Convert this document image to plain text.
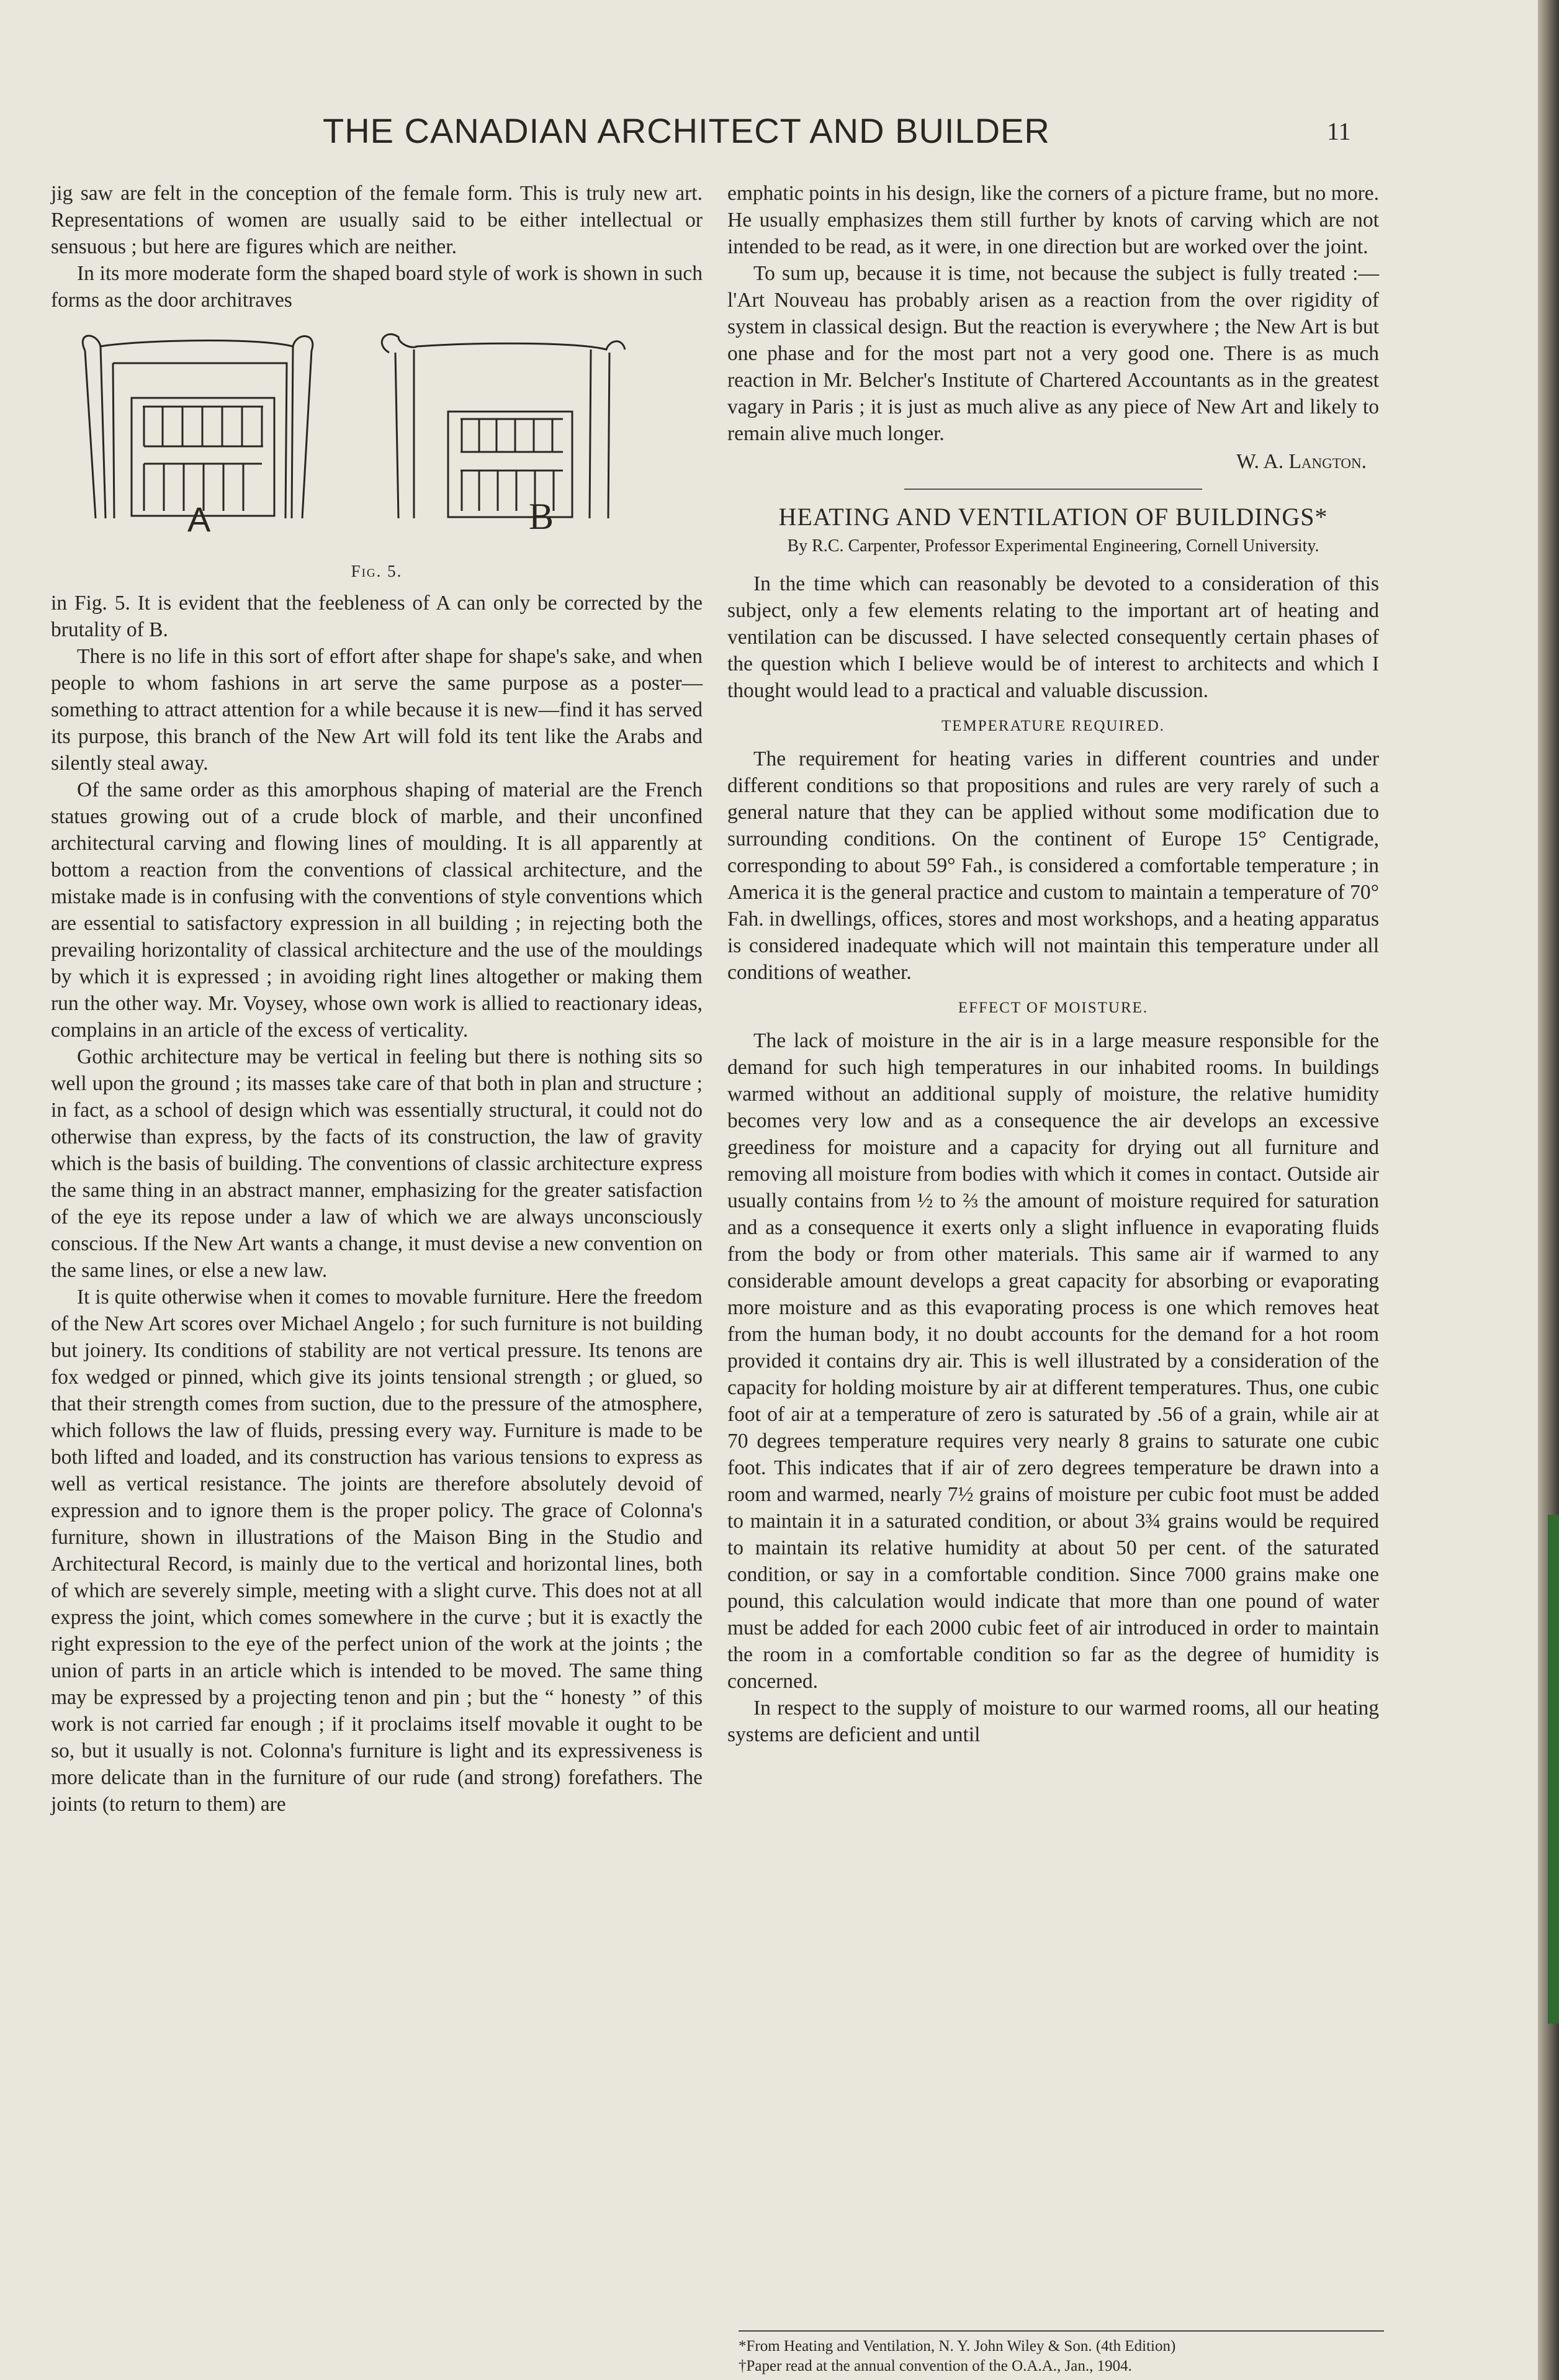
THE CANADIAN ARCHITECT AND BUILDER	11

jig saw are felt in the conception of the female form. This is truly new art. Representations of women are usually said to be either intellectual or sensuous ; but here are figures which are neither.

In its more moderate form the shaped board style of work is shown in such forms as the door architraves

A	B
Fig. 5.

in Fig. 5. It is evident that the feebleness of A can only be corrected by the brutality of B.

There is no life in this sort of effort after shape for shape's sake, and when people to whom fashions in art serve the same purpose as a poster—something to attract attention for a while because it is new—find it has served its purpose, this branch of the New Art will fold its tent like the Arabs and silently steal away.

Of the same order as this amorphous shaping of material are the French statues growing out of a crude block of marble, and their unconfined architectural carving and flowing lines of moulding. It is all apparently at bottom a reaction from the conventions of classical architecture, and the mistake made is in confusing with the conventions of style conventions which are essential to satisfactory expression in all building ; in rejecting both the prevailing horizontality of classical architecture and the use of the mouldings by which it is expressed ; in avoiding right lines altogether or making them run the other way. Mr. Voysey, whose own work is allied to reactionary ideas, complains in an article of the excess of verticality.

Gothic architecture may be vertical in feeling but there is nothing sits so well upon the ground ; its masses take care of that both in plan and structure ; in fact, as a school of design which was essentially structural, it could not do otherwise than express, by the facts of its construction, the law of gravity which is the basis of building. The conventions of classic architecture express the same thing in an abstract manner, emphasizing for the greater satisfaction of the eye its repose under a law of which we are always unconsciously conscious. If the New Art wants a change, it must devise a new convention on the same lines, or else a new law.

It is quite otherwise when it comes to movable furniture. Here the freedom of the New Art scores over Michael Angelo ; for such furniture is not building but joinery. Its conditions of stability are not vertical pressure. Its tenons are fox wedged or pinned, which give its joints tensional strength ; or glued, so that their strength comes from suction, due to the pressure of the atmosphere, which follows the law of fluids, pressing every way. Furniture is made to be both lifted and loaded, and its construction has various tensions to express as well as vertical resistance. The joints are therefore absolutely devoid of expression and to ignore them is the proper policy. The grace of Colonna's furniture, shown in illustrations of the Maison Bing in the Studio and Architectural Record, is mainly due to the vertical and horizontal lines, both of which are severely simple, meeting with a slight curve. This does not at all express the joint, which comes somewhere in the curve ; but it is exactly the right expression to the eye of the perfect union of the work at the joints ; the union of parts in an article which is intended to be moved. The same thing may be expressed by a projecting tenon and pin ; but the “ honesty ” of this work is not carried far enough ; if it proclaims itself movable it ought to be so, but it usually is not. Colonna's furniture is light and its expressiveness is more delicate than in the furniture of our rude (and strong) forefathers. The joints (to return to them) are

emphatic points in his design, like the corners of a picture frame, but no more. He usually emphasizes them still further by knots of carving which are not intended to be read, as it were, in one direction but are worked over the joint.

To sum up, because it is time, not because the subject is fully treated :—l'Art Nouveau has probably arisen as a reaction from the over rigidity of system in classical design. But the reaction is everywhere ; the New Art is but one phase and for the most part not a very good one. There is as much reaction in Mr. Belcher's Institute of Chartered Accountants as in the greatest vagary in Paris ; it is just as much alive as any piece of New Art and likely to remain alive much longer.

W. A. Langton.
HEATING AND VENTILATION OF BUILDINGS*
By R.C. Carpenter, Professor Experimental Engineering, Cornell University.

In the time which can reasonably be devoted to a consideration of this subject, only a few elements relating to the important art of heating and ventilation can be discussed. I have selected consequently certain phases of the question which I believe would be of interest to architects and which I thought would lead to a practical and valuable discussion.

TEMPERATURE REQUIRED.

The requirement for heating varies in different countries and under different conditions so that propositions and rules are very rarely of such a general nature that they can be applied without some modification due to surrounding conditions. On the continent of Europe 15° Centigrade, corresponding to about 59° Fah., is considered a comfortable temperature ; in America it is the general practice and custom to maintain a temperature of 70° Fah. in dwellings, offices, stores and most workshops, and a heating apparatus is considered inadequate which will not maintain this temperature under all conditions of weather.

EFFECT OF MOISTURE.

The lack of moisture in the air is in a large measure responsible for the demand for such high temperatures in our inhabited rooms. In buildings warmed without an additional supply of moisture, the relative humidity becomes very low and as a consequence the air develops an excessive greediness for moisture and a capacity for drying out all furniture and removing all moisture from bodies with which it comes in contact. Outside air usually contains from ½ to ⅔ the amount of moisture required for saturation and as a consequence it exerts only a slight influence in evaporating fluids from the body or from other materials. This same air if warmed to any considerable amount develops a great capacity for absorbing or evaporating more moisture and as this evaporating process is one which removes heat from the human body, it no doubt accounts for the demand for a hot room provided it contains dry air. This is well illustrated by a consideration of the capacity for holding moisture by air at different temperatures. Thus, one cubic foot of air at a temperature of zero is saturated by .56 of a grain, while air at 70 degrees temperature requires very nearly 8 grains to saturate one cubic foot. This indicates that if air of zero degrees temperature be drawn into a room and warmed, nearly 7½ grains of moisture per cubic foot must be added to maintain it in a saturated condition, or about 3¾ grains would be required to maintain its relative humidity at about 50 per cent. of the saturated condition, or say in a comfortable condition. Since 7000 grains make one pound, this calculation would indicate that more than one pound of water must be added for each 2000 cubic feet of air introduced in order to maintain the room in a comfortable condition so far as the degree of humidity is concerned.

In respect to the supply of moisture to our warmed rooms, all our heating systems are deficient and until

*From Heating and Ventilation, N. Y. John Wiley & Son. (4th Edition)
†Paper read at the annual convention of the O.A.A., Jan., 1904.
